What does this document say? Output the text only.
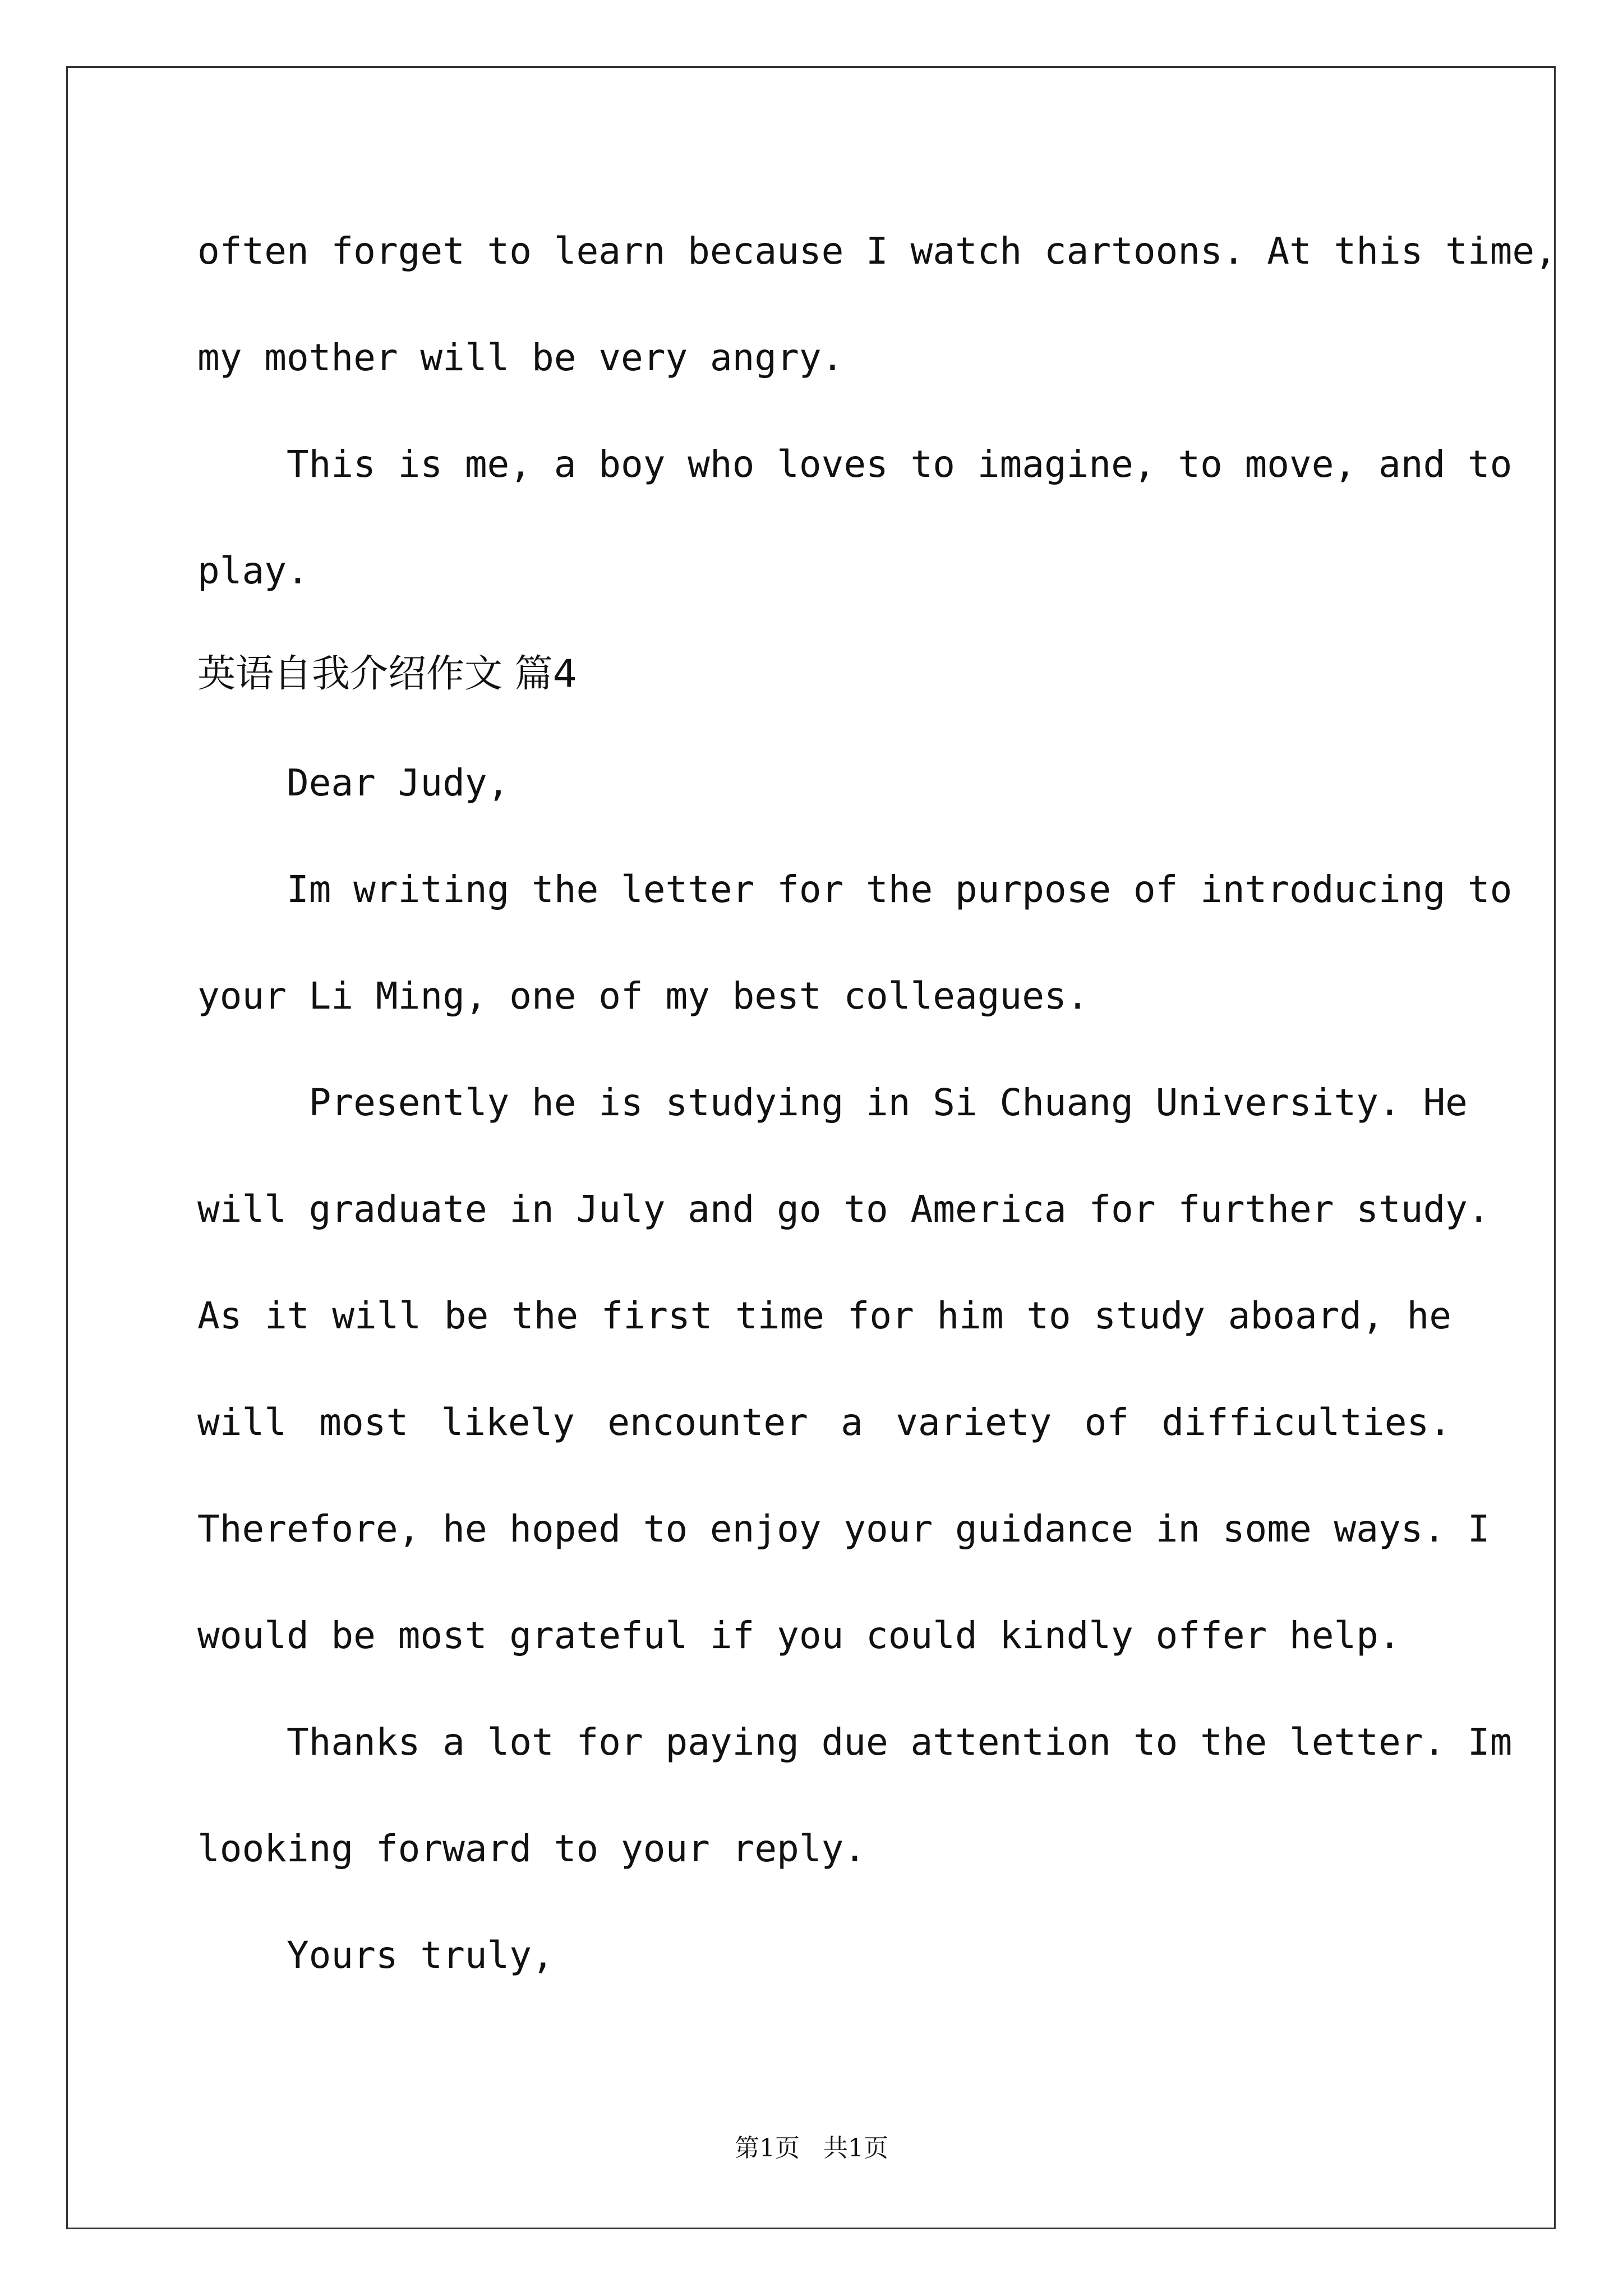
often forget to learn because I watch cartoons. At this time,
my mother will be very angry.
This is me, a boy who loves to imagine, to move, and to
play.
英语自我介绍作文 篇4
Dear Judy,
Im writing the letter for the purpose of introducing to
your Li Ming, one of my best colleagues.
Presently he is studying in Si Chuang University. He
will graduate in July and go to America for further study.
As it will be the first time for him to study aboard, he
will most likely encounter a variety of difficulties.
Therefore, he hoped to enjoy your guidance in some ways. I
would be most grateful if you could kindly offer help.
Thanks a lot for paying due attention to the letter. Im
looking forward to your reply.
Yours truly,
第1页   共1页
